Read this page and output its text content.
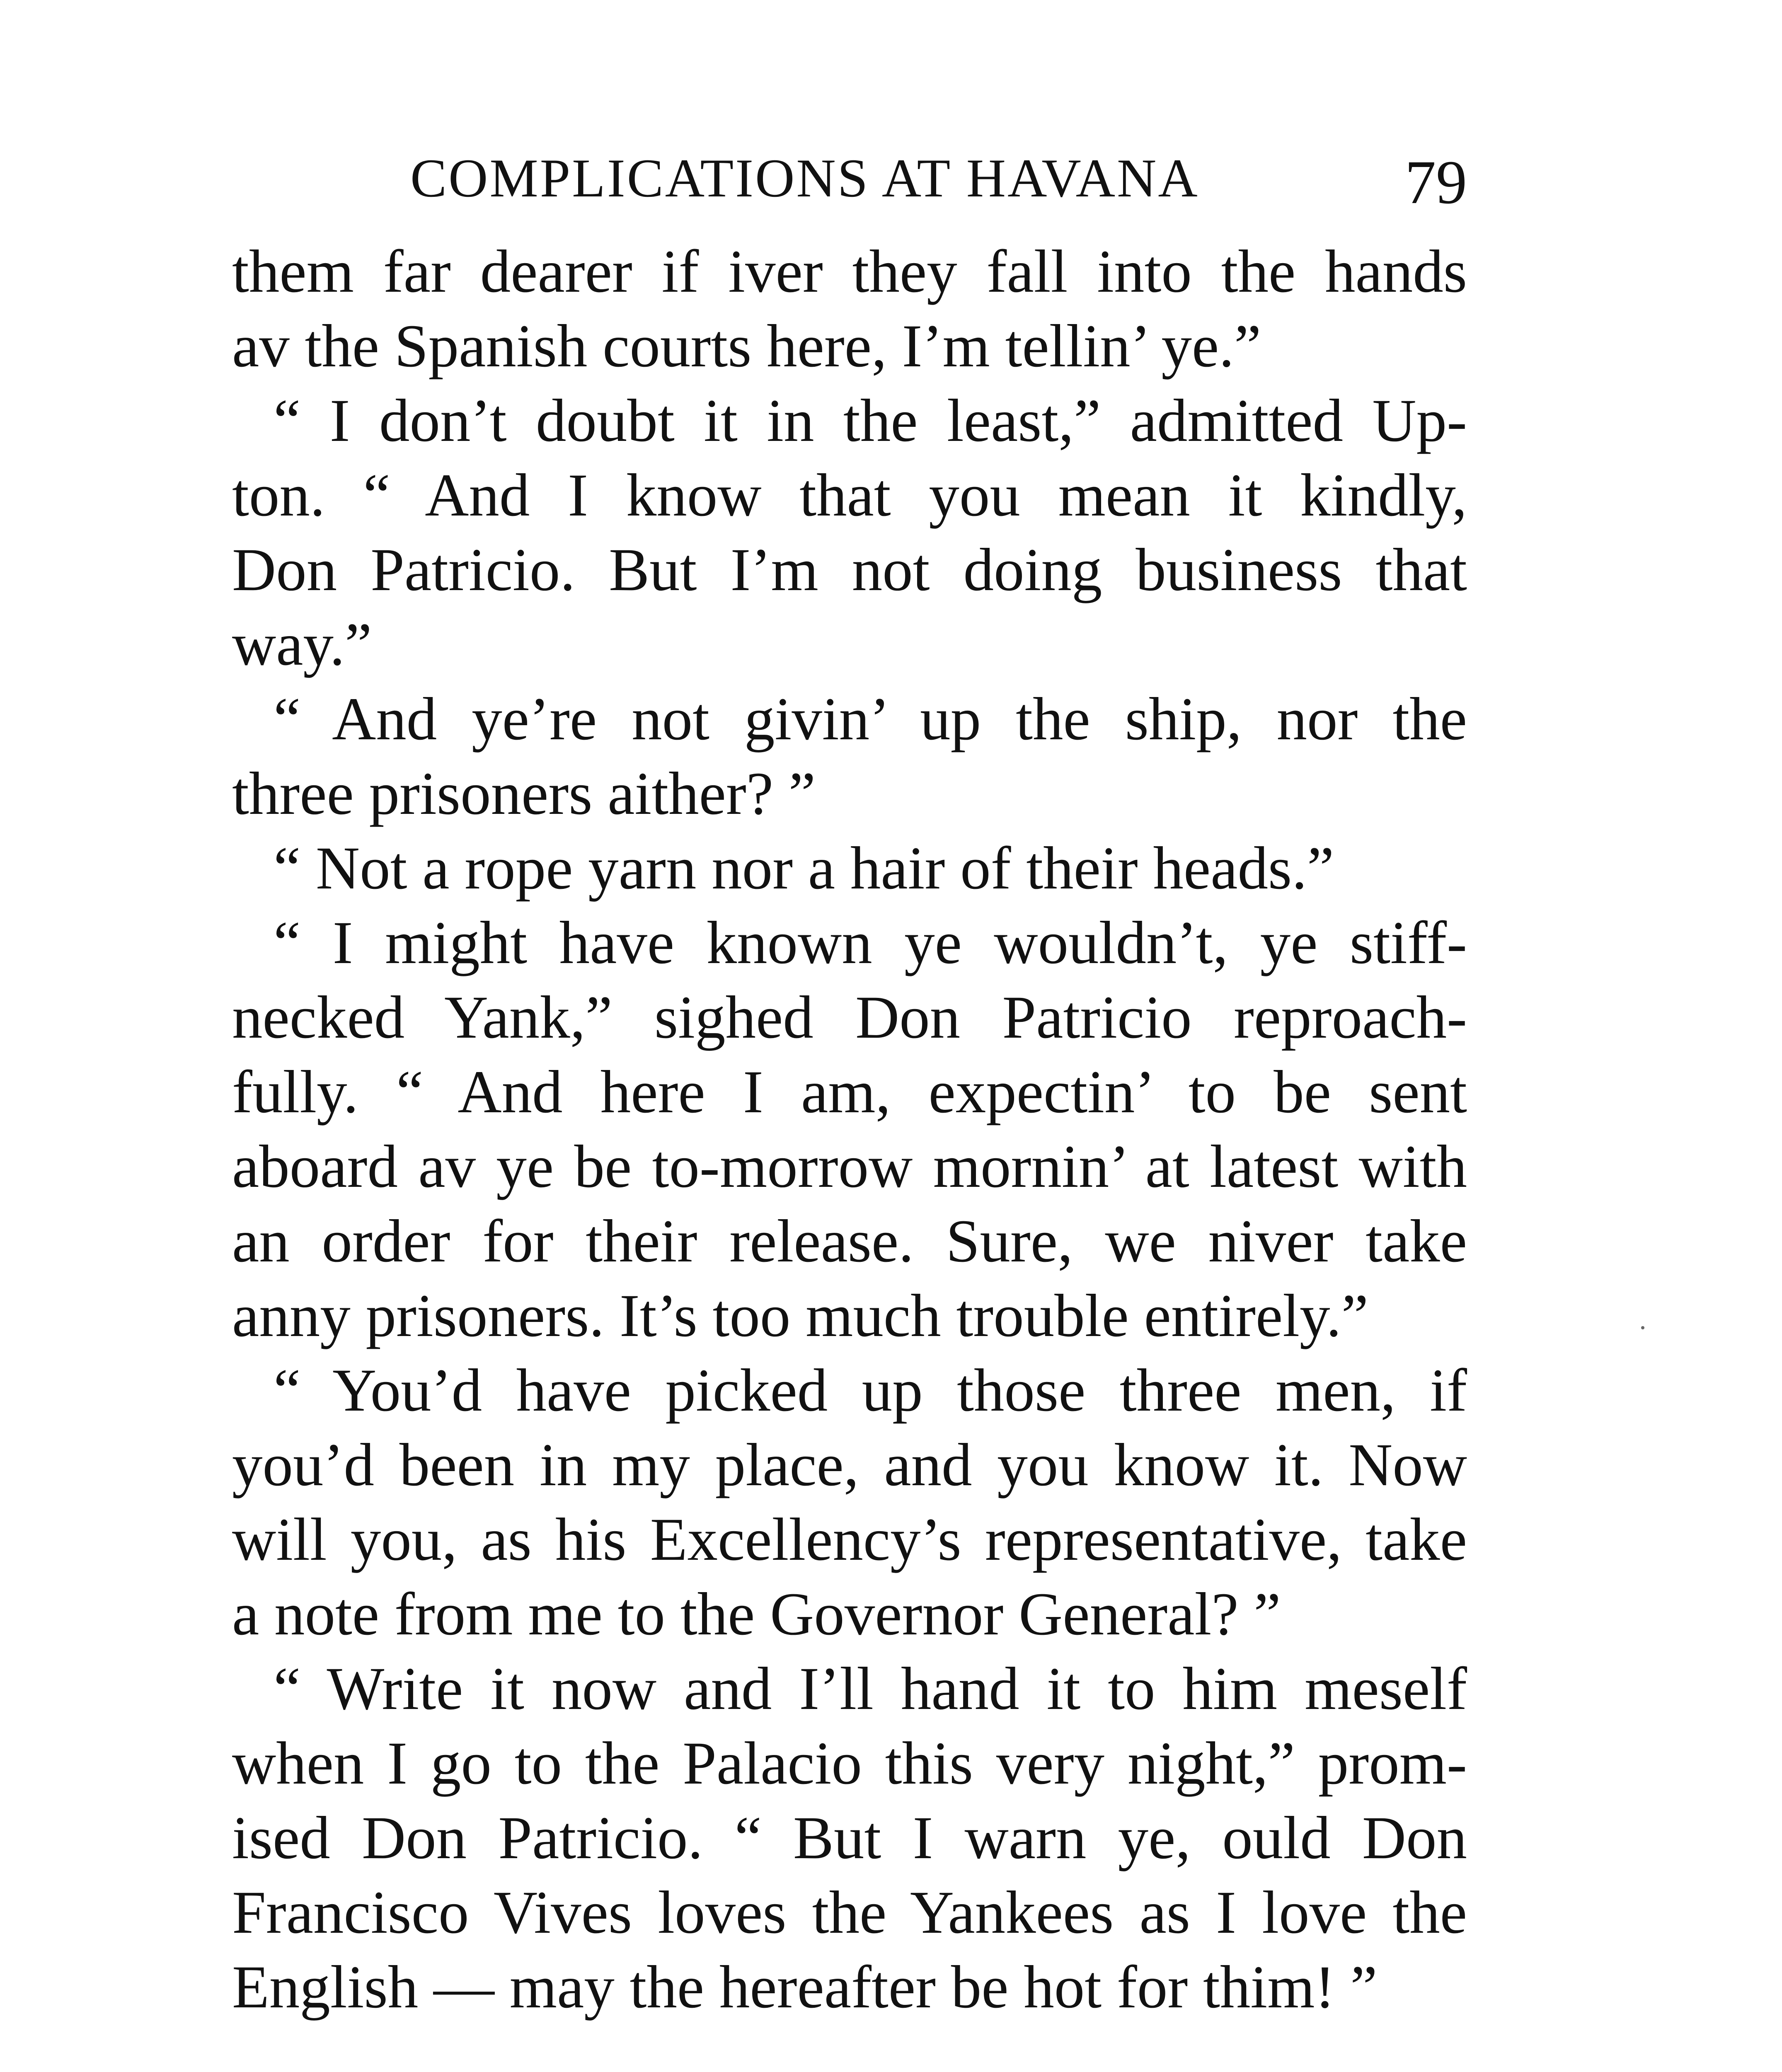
COMPLICATIONS AT HAVANA	79
them far dearer if iver they fall into the hands
av the Spanish courts here, I’m tellin’ ye.”
“ I don’t doubt it in the least,” admitted Up-
ton. “ And I know that you mean it kindly,
Don Patricio. But I’m not doing business that
way.”
“ And ye’re not givin’ up the ship, nor the
three prisoners aither? ”
“ Not a rope yarn nor a hair of their heads.”
“ I might have known ye wouldn’t, ye stiff-
necked Yank,” sighed Don Patricio reproach-
fully. “ And here I am, expectin’ to be sent
aboard av ye be to-morrow mornin’ at latest with
an order for their release. Sure, we niver take
anny prisoners. It’s too much trouble entirely.”
“ You’d have picked up those three men, if
you’d been in my place, and you know it. Now
will you, as his Excellency’s representative, take
a note from me to the Governor General? ”
“ Write it now and I’ll hand it to him meself
when I go to the Palacio this very night,” prom-
ised Don Patricio. “ But I warn ye, ould Don
Francisco Vives loves the Yankees as I love the
English — may the hereafter be hot for thim! ”
